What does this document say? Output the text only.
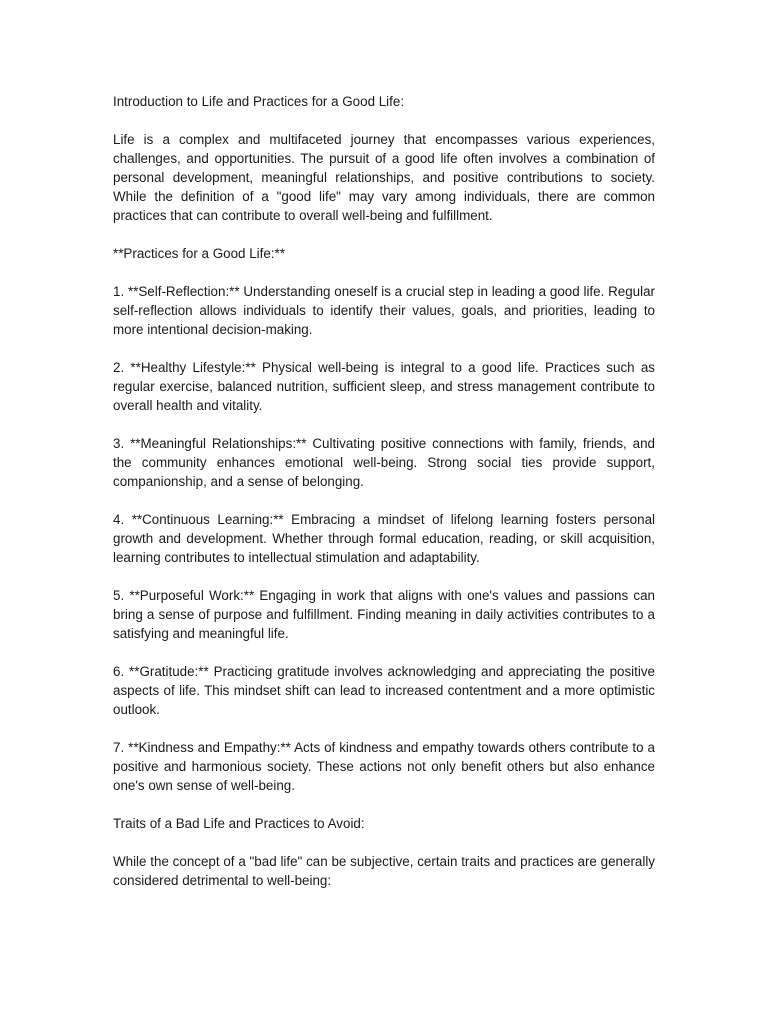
Introduction to Life and Practices for a Good Life:

Life is a complex and multifaceted journey that encompasses various experiences, challenges, and opportunities. The pursuit of a good life often involves a combination of personal development, meaningful relationships, and positive contributions to society. While the definition of a "good life" may vary among individuals, there are common practices that can contribute to overall well-being and fulfillment.

**Practices for a Good Life:**

1. **Self-Reflection:** Understanding oneself is a crucial step in leading a good life. Regular self-reflection allows individuals to identify their values, goals, and priorities, leading to more intentional decision-making.

2. **Healthy Lifestyle:** Physical well-being is integral to a good life. Practices such as regular exercise, balanced nutrition, sufficient sleep, and stress management contribute to overall health and vitality.

3. **Meaningful Relationships:** Cultivating positive connections with family, friends, and the community enhances emotional well-being. Strong social ties provide support, companionship, and a sense of belonging.

4. **Continuous Learning:** Embracing a mindset of lifelong learning fosters personal growth and development. Whether through formal education, reading, or skill acquisition, learning contributes to intellectual stimulation and adaptability.

5. **Purposeful Work:** Engaging in work that aligns with one's values and passions can bring a sense of purpose and fulfillment. Finding meaning in daily activities contributes to a satisfying and meaningful life.

6. **Gratitude:** Practicing gratitude involves acknowledging and appreciating the positive aspects of life. This mindset shift can lead to increased contentment and a more optimistic outlook.

7. **Kindness and Empathy:** Acts of kindness and empathy towards others contribute to a positive and harmonious society. These actions not only benefit others but also enhance one's own sense of well-being.

Traits of a Bad Life and Practices to Avoid:

While the concept of a "bad life" can be subjective, certain traits and practices are generally considered detrimental to well-being:
